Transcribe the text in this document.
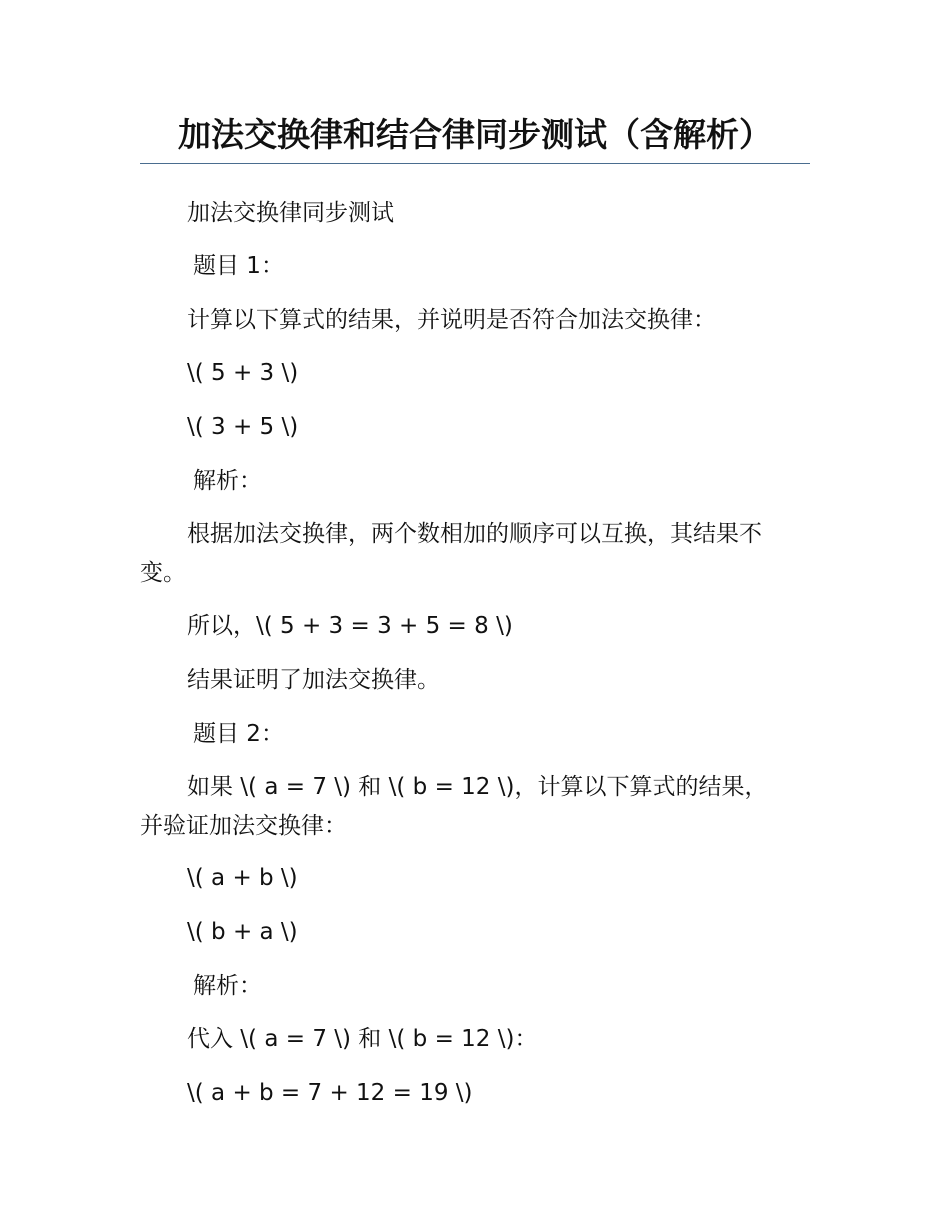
加法交换律和结合律同步测试（含解析）
加法交换律同步测试
题目 1：
计算以下算式的结果，并说明是否符合加法交换律：
\( 5 + 3 \)
\( 3 + 5 \)
解析：
根据加法交换律，两个数相加的顺序可以互换，其结果不
变。
所以，\( 5 + 3 = 3 + 5 = 8 \)
结果证明了加法交换律。
题目 2：
如果 \( a = 7 \) 和 \( b = 12 \)，计算以下算式的结果，
并验证加法交换律：
\( a + b \)
\( b + a \)
解析：
代入 \( a = 7 \) 和 \( b = 12 \)：
\( a + b = 7 + 12 = 19 \)
